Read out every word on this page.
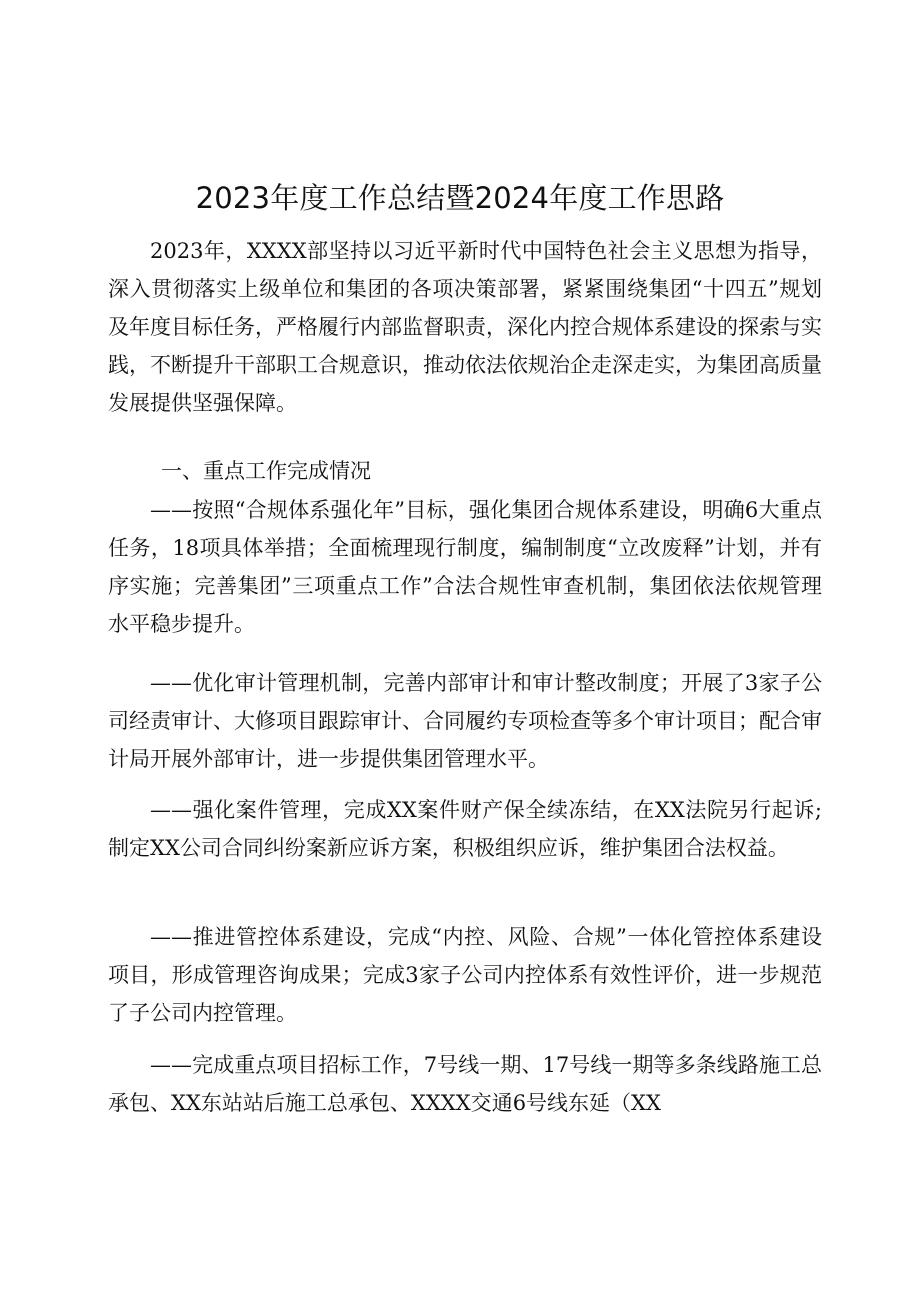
2023年度工作总结暨2024年度工作思路

2023年，XXXX部坚持以习近平新时代中国特色社会主义思想为指导，深入贯彻落实上级单位和集团的各项决策部署，紧紧围绕集团“十四五”规划及年度目标任务，严格履行内部监督职责，深化内控合规体系建设的探索与实践，不断提升干部职工合规意识，推动依法依规治企走深走实，为集团高质量发展提供坚强保障。

一、重点工作完成情况

——按照“合规体系强化年”目标，强化集团合规体系建设，明确6大重点任务，18项具体举措；全面梳理现行制度，编制制度“立改废释”计划，并有序实施；完善集团”三项重点工作”合法合规性审查机制，集团依法依规管理水平稳步提升。

——优化审计管理机制，完善内部审计和审计整改制度；开展了3家子公司经责审计、大修项目跟踪审计、合同履约专项检查等多个审计项目；配合审计局开展外部审计，进一步提供集团管理水平。

——强化案件管理，完成XX案件财产保全续冻结，在XX法院另行起诉;制定XX公司合同纠纷案新应诉方案，积极组织应诉，维护集团合法权益。

——推进管控体系建设，完成“内控、风险、合规”一体化管控体系建设项目，形成管理咨询成果；完成3家子公司内控体系有效性评价，进一步规范了子公司内控管理。

——完成重点项目招标工作，7号线一期、17号线一期等多条线路施工总承包、XX东站站后施工总承包、XXXX交通6号线东延（XX
